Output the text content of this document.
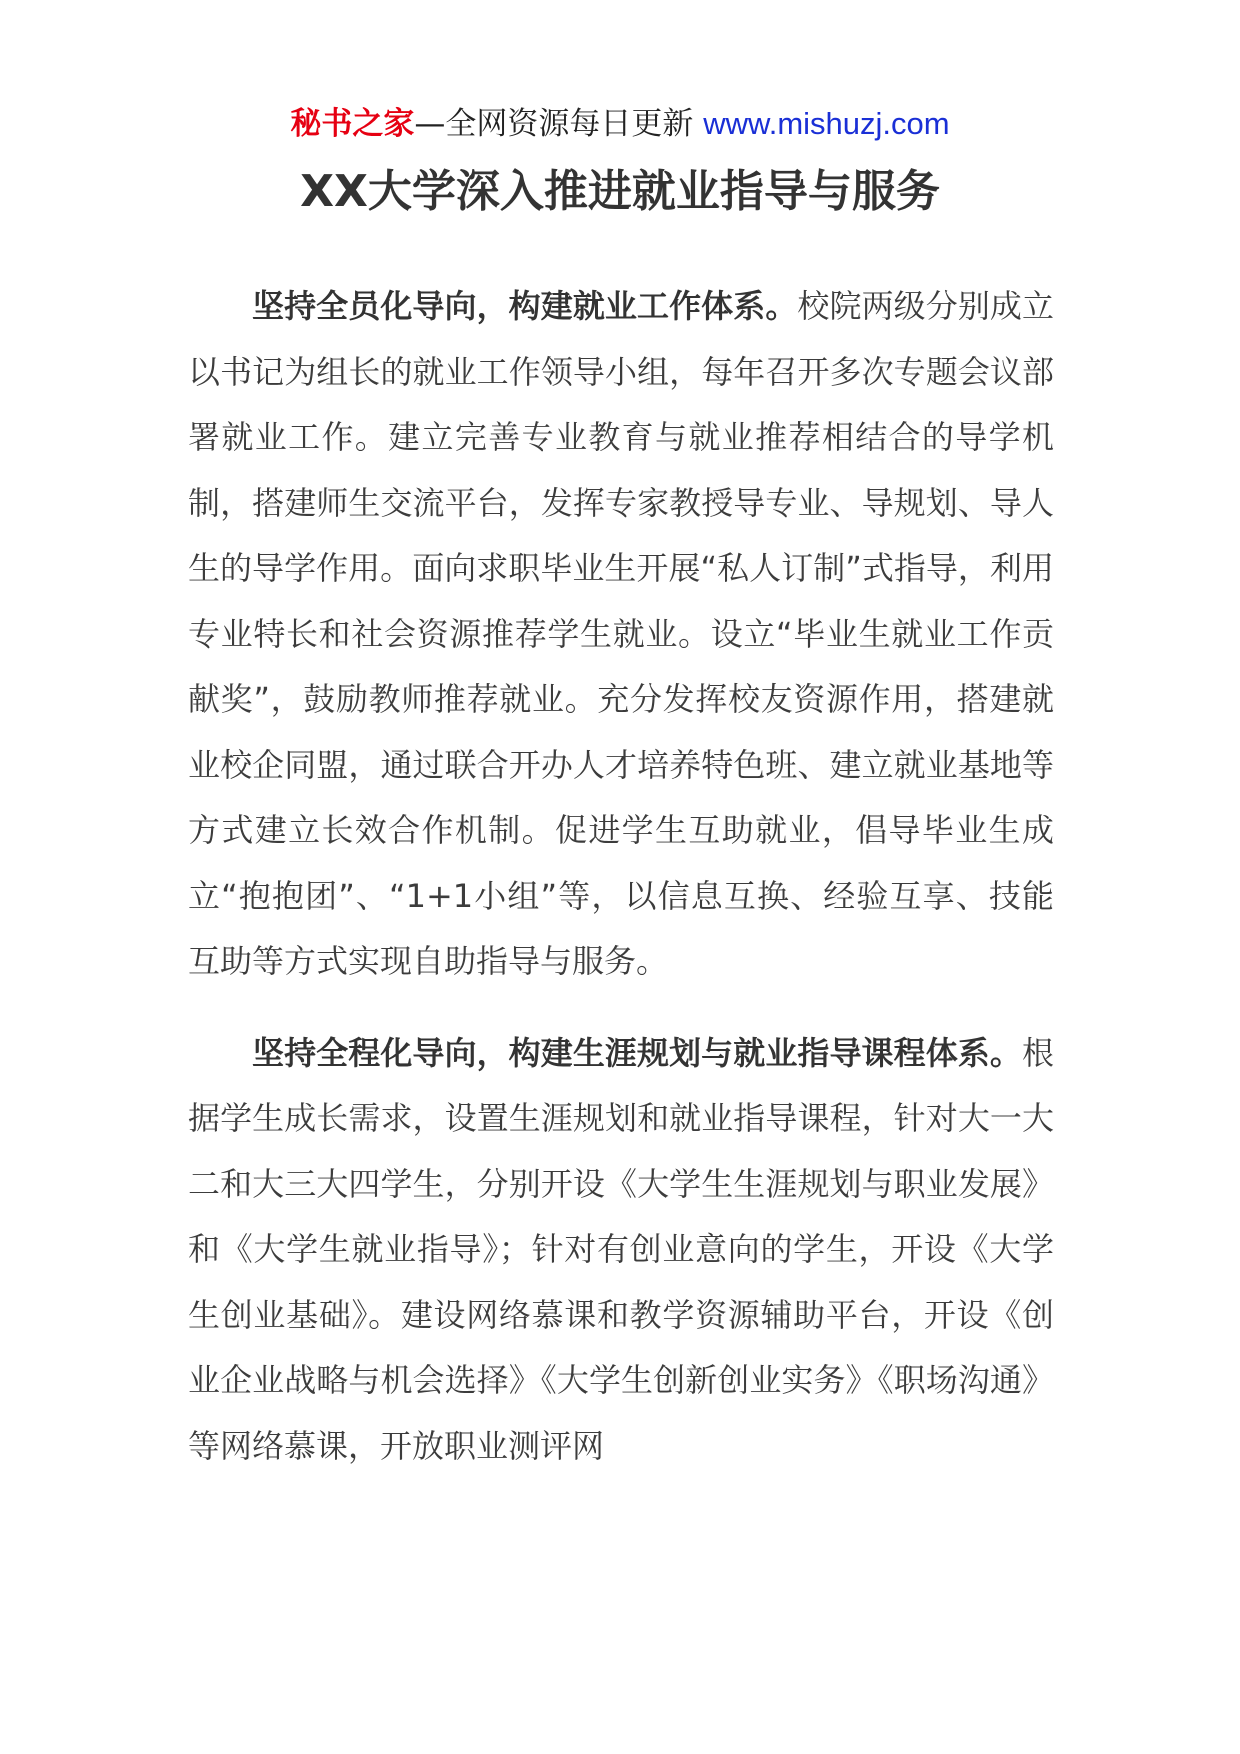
秘书之家—全网资源每日更新 www.mishuzj.com
XX大学深入推进就业指导与服务

坚持全员化导向，构建就业工作体系。校院两级分别成立以书记为组长的就业工作领导小组，每年召开多次专题会议部署就业工作。建立完善专业教育与就业推荐相结合的导学机制，搭建师生交流平台，发挥专家教授导专业、导规划、导人生的导学作用。面向求职毕业生开展“私人订制”式指导，利用专业特长和社会资源推荐学生就业。设立“毕业生就业工作贡献奖”，鼓励教师推荐就业。充分发挥校友资源作用，搭建就业校企同盟，通过联合开办人才培养特色班、建立就业基地等方式建立长效合作机制。促进学生互助就业，倡导毕业生成立“抱抱团”、“1+1小组”等，以信息互换、经验互享、技能互助等方式实现自助指导与服务。

坚持全程化导向，构建生涯规划与就业指导课程体系。根据学生成长需求，设置生涯规划和就业指导课程，针对大一大二和大三大四学生，分别开设《大学生生涯规划与职业发展》和《大学生就业指导》；针对有创业意向的学生，开设《大学生创业基础》。建设网络慕课和教学资源辅助平台，开设《创业企业战略与机会选择》《大学生创新创业实务》《职场沟通》等网络慕课，开放职业测评网
